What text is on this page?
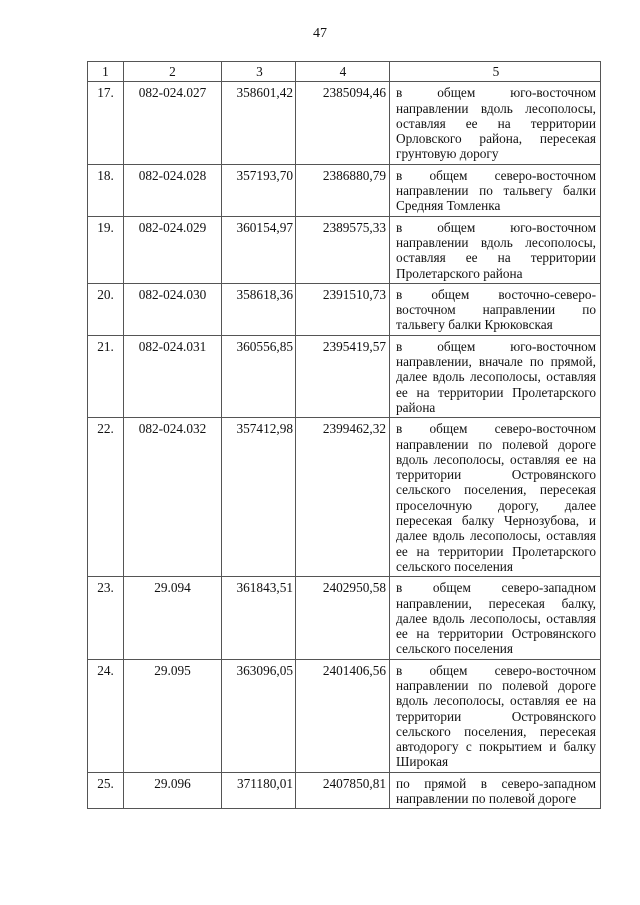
47
1	2	3	4	5
17.	082-024.027	358601,42	2385094,46	в общем юго-восточном направлении вдоль лесополосы, оставляя ее на территории Орловского района, пересекая грунтовую дорогу
18.	082-024.028	357193,70	2386880,79	в общем северо-восточном направлении по тальвегу балки Средняя Томленка
19.	082-024.029	360154,97	2389575,33	в общем юго-восточном направлении вдоль лесополосы, оставляя ее на территории Пролетарского района
20.	082-024.030	358618,36	2391510,73	в общем восточно-северо-восточном направлении по тальвегу балки Крюковская
21.	082-024.031	360556,85	2395419,57	в общем юго-восточном направлении, вначале по прямой, далее вдоль лесополосы, оставляя ее на территории Пролетарского района
22.	082-024.032	357412,98	2399462,32	в общем северо-восточном направлении по полевой дороге вдоль лесополосы, оставляя ее на территории Островянского сельского поселения, пересекая проселочную дорогу, далее пересекая балку Чернозубова, и далее вдоль лесополосы, оставляя ее на территории Пролетарского сельского поселения
23.	29.094	361843,51	2402950,58	в общем северо-западном направлении, пересекая балку, далее вдоль лесополосы, оставляя ее на территории Островянского сельского поселения
24.	29.095	363096,05	2401406,56	в общем северо-восточном направлении по полевой дороге вдоль лесополосы, оставляя ее на территории Островянского сельского поселения, пересекая автодорогу с покрытием и балку Широкая
25.	29.096	371180,01	2407850,81	по прямой в северо-западном направлении по полевой дороге
